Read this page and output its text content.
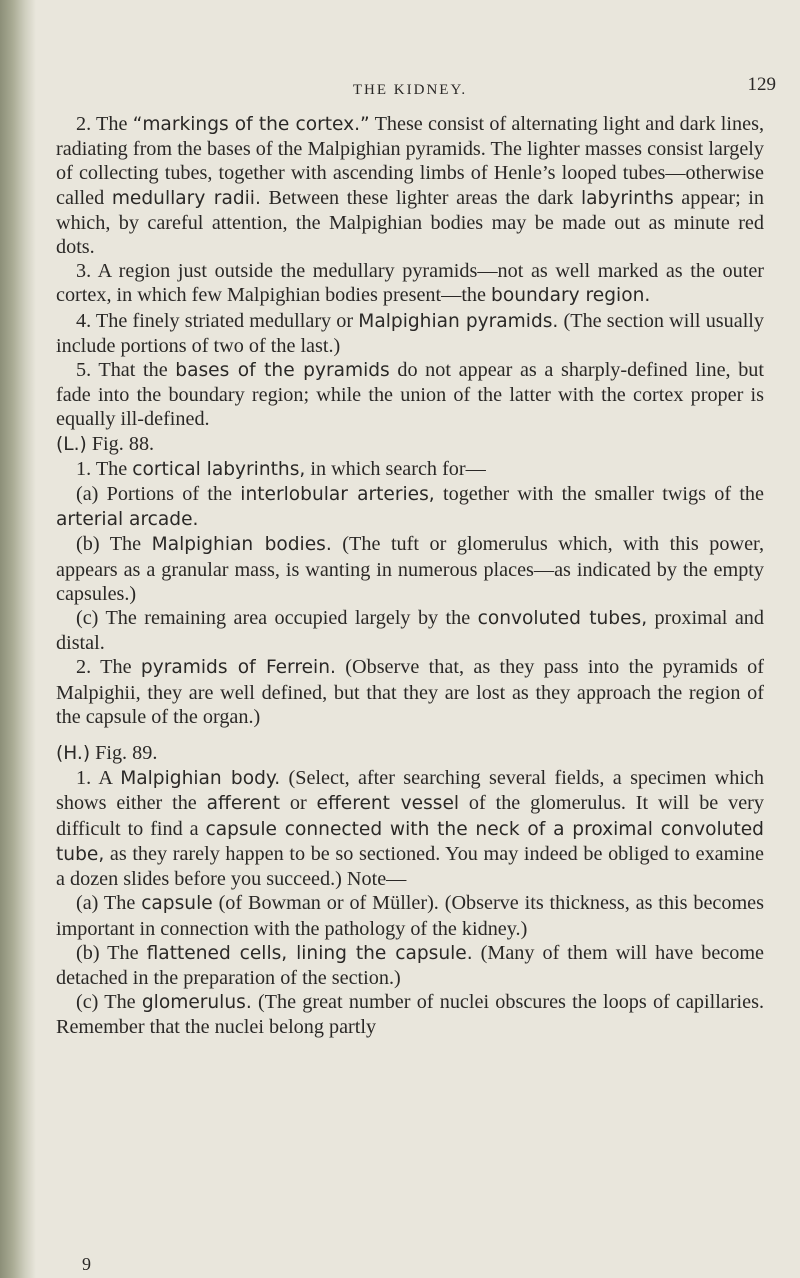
THE KIDNEY.	129

2. The “markings of the cortex.” These consist of alternating light and dark lines, radiating from the bases of the Malpighian pyramids. The lighter masses consist largely of collecting tubes, together with ascending limbs of Henle’s looped tubes—otherwise called medullary radii. Between these lighter areas the dark labyrinths appear; in which, by careful attention, the Malpighian bodies may be made out as minute red dots.

3. A region just outside the medullary pyramids—not as well marked as the outer cortex, in which few Malpighian bodies present—the boundary region.

4. The finely striated medullary or Malpighian pyramids. (The section will usually include portions of two of the last.)

5. That the bases of the pyramids do not appear as a sharply-defined line, but fade into the boundary region; while the union of the latter with the cortex proper is equally ill-defined.

(L.) Fig. 88.

1. The cortical labyrinths, in which search for—

(a) Portions of the interlobular arteries, together with the smaller twigs of the arterial arcade.

(b) The Malpighian bodies. (The tuft or glomerulus which, with this power, appears as a granular mass, is wanting in numerous places—as indicated by the empty capsules.)

(c) The remaining area occupied largely by the convoluted tubes, proximal and distal.

2. The pyramids of Ferrein. (Observe that, as they pass into the pyramids of Malpighii, they are well defined, but that they are lost as they approach the region of the capsule of the organ.)

(H.) Fig. 89.

1. A Malpighian body. (Select, after searching several fields, a specimen which shows either the afferent or efferent vessel of the glomerulus. It will be very difficult to find a capsule connected with the neck of a proximal convoluted tube, as they rarely happen to be so sectioned. You may indeed be obliged to examine a dozen slides before you succeed.) Note—

(a) The capsule (of Bowman or of Müller). (Observe its thickness, as this becomes important in connection with the pathology of the kidney.)

(b) The flattened cells, lining the capsule. (Many of them will have become detached in the preparation of the section.)

(c) The glomerulus. (The great number of nuclei obscures the loops of capillaries. Remember that the nuclei belong partly

9
